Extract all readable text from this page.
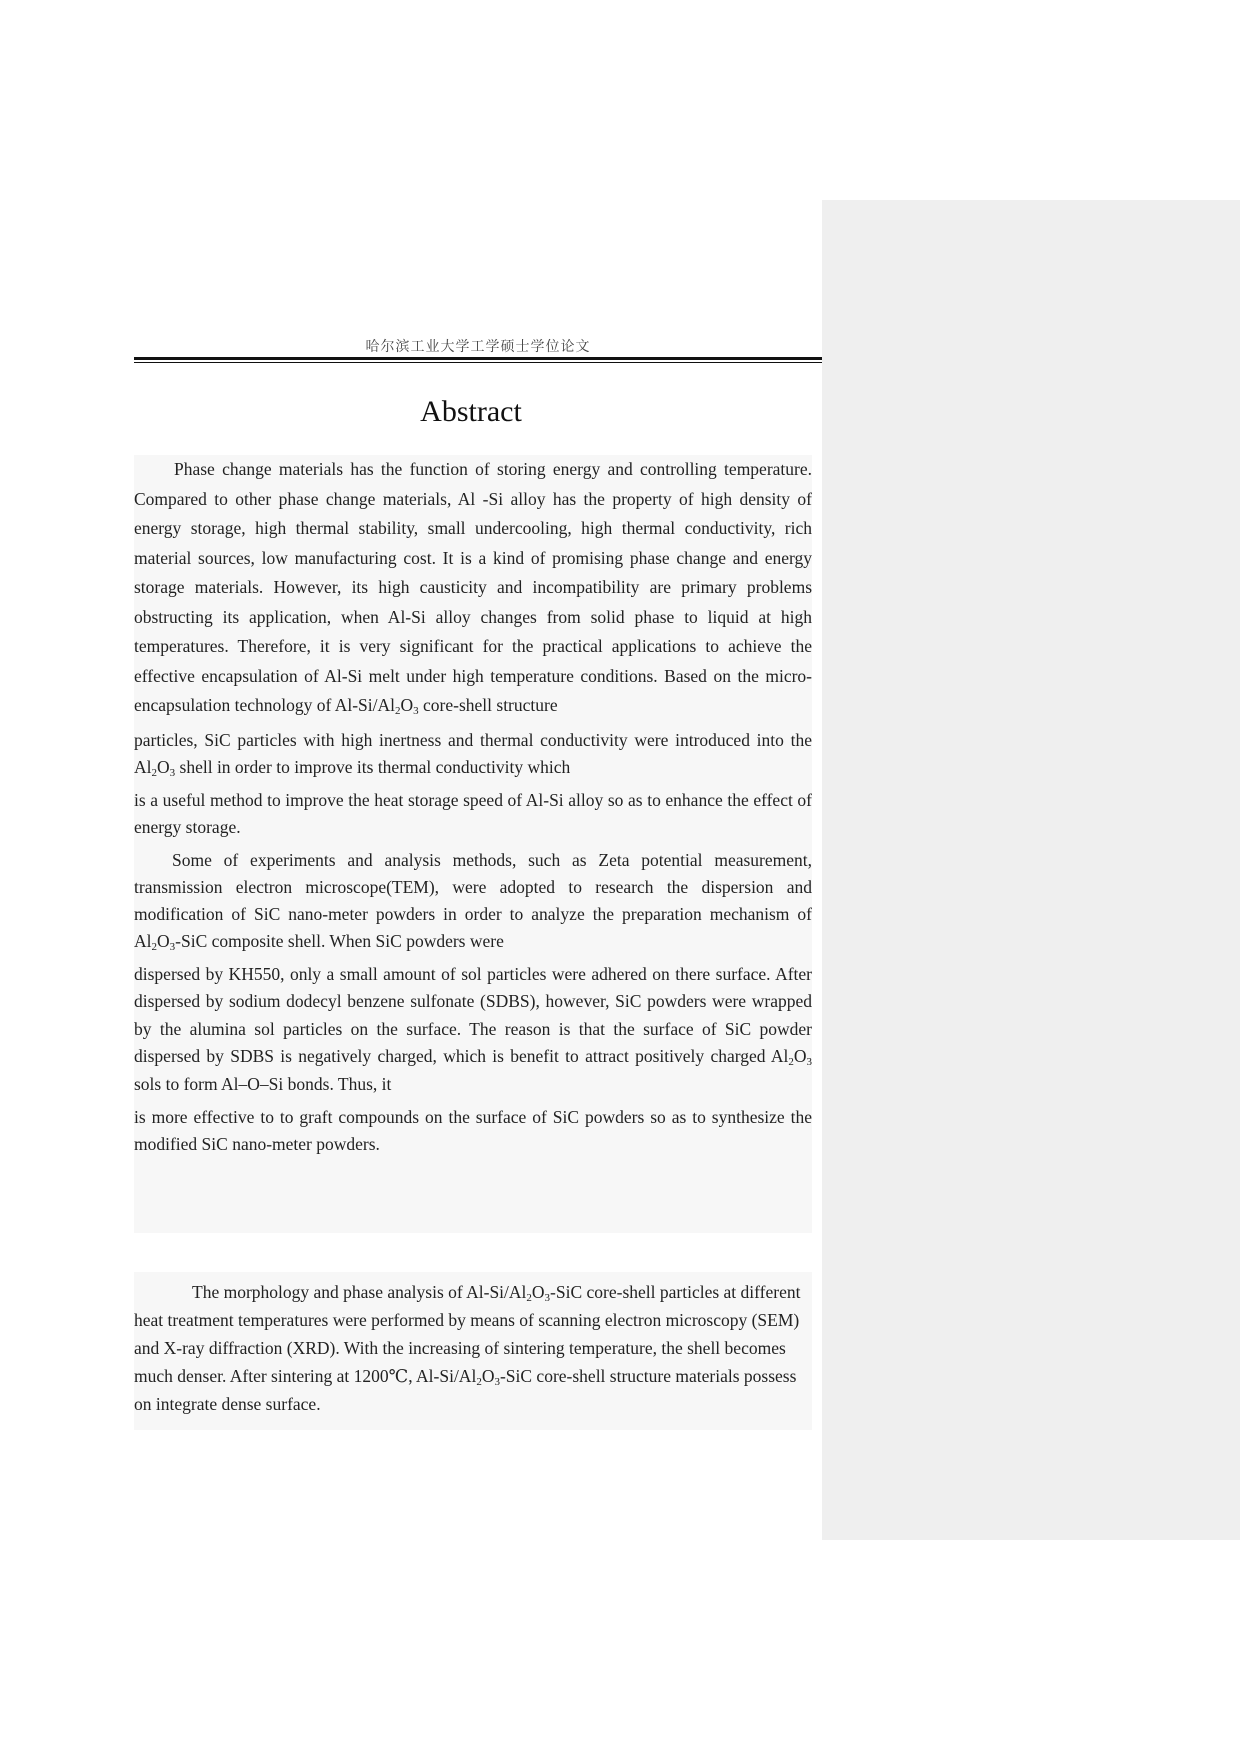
哈尔滨工业大学工学硕士学位论文
Abstract

Phase change materials has the function of storing energy and controlling temperature. Compared to other phase change materials, Al -Si alloy has the property of high density of energy storage, high thermal stability, small undercooling, high thermal conductivity, rich material sources, low manufacturing cost. It is a kind of promising phase change and energy storage materials. However, its high causticity and incompatibility are primary problems obstructing its application, when Al-Si alloy changes from solid phase to liquid at high temperatures. Therefore, it is very significant for the practical applications to achieve the effective encapsulation of Al-Si melt under high temperature conditions. Based on the micro-encapsulation technology of $Al-Si/Al_2O_3$ core-shell structure

particles, SiC particles with high inertness and thermal conductivity were introduced into the $Al_2O_3$ shell in order to improve its thermal conductivity which

is a useful method to improve the heat storage speed of Al-Si alloy so as to enhance the effect of energy storage.

Some of experiments and analysis methods, such as Zeta potential measurement, transmission electron microscope(TEM), were adopted to research the dispersion and modification of SiC nano-meter powders in order to analyze the preparation mechanism of $Al_2O_3$-SiC composite shell. When SiC powders were

dispersed by KH550, only a small amount of sol particles were adhered on there surface. After dispersed by sodium dodecyl benzene sulfonate (SDBS), however, SiC powders were wrapped by the alumina sol particles on the surface. The reason is that the surface of SiC powder dispersed by SDBS is negatively charged, which is benefit to attract positively charged $Al_2O_3$ sols to form Al–O–Si bonds. Thus, it

is more effective to to graft compounds on the surface of SiC powders so as to synthesize the modified SiC nano-meter powders.

The morphology and phase analysis of $Al-Si/Al_2O_3$-SiC core-shell particles at different heat treatment temperatures were performed by means of scanning electron microscopy (SEM) and X-ray diffraction (XRD). With the increasing of sintering temperature, the shell becomes much denser. After sintering at 1200℃, $Al-Si/Al_2O_3$-SiC core-shell structure materials possess on integrate dense surface.
